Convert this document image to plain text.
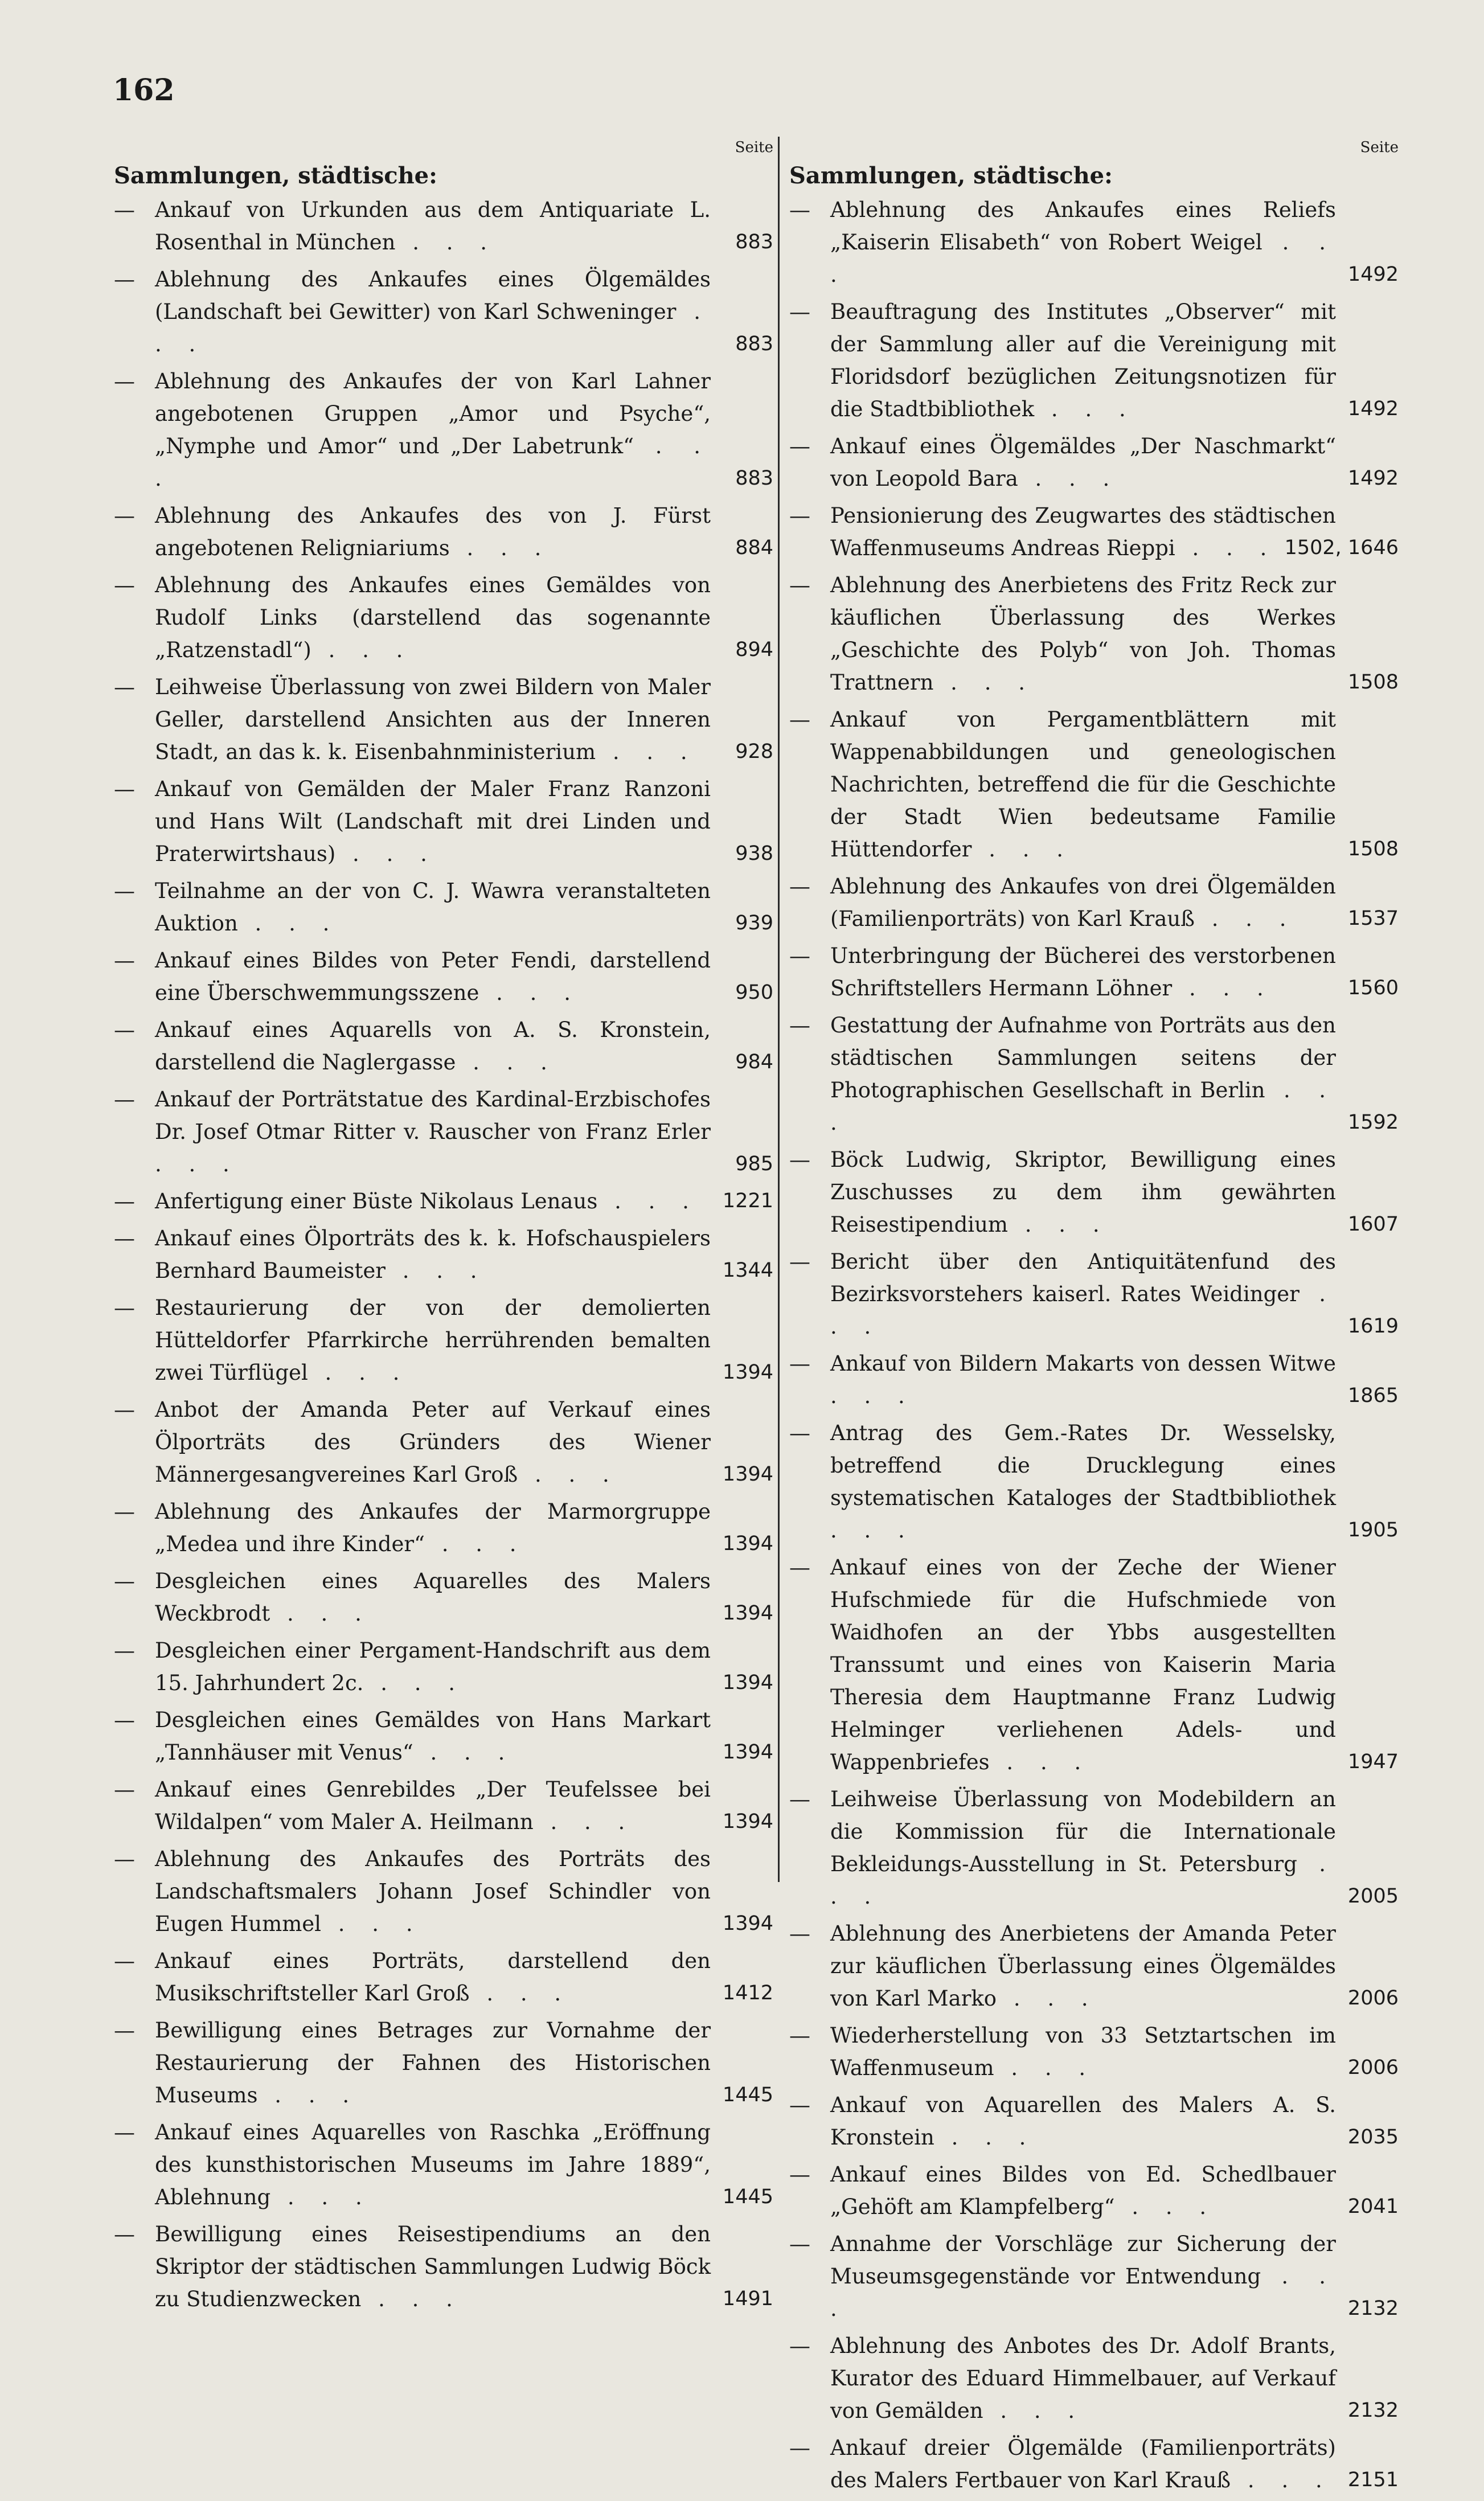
162
Seite
Sammlungen, städtische:
— Ankauf von Urkunden aus dem Antiquariate L. Rosenthal in München . . .	883
— Ablehnung des Ankaufes eines Ölgemäldes (Landschaft bei Gewitter) von Karl Schweninger . . .	883
— Ablehnung des Ankaufes der von Karl Lahner angebotenen Gruppen „Amor und Psyche“, „Nymphe und Amor“ und „Der Labetrunk“ . . .	883
— Ablehnung des Ankaufes des von J. Fürst angebotenen Religniariums . . .	884
— Ablehnung des Ankaufes eines Gemäldes von Rudolf Links (darstellend das sogenannte „Ratzenstadl“) . . .	894
— Leihweise Überlassung von zwei Bildern von Maler Geller, darstellend Ansichten aus der Inneren Stadt, an das k. k. Eisenbahnministerium . . . 928
— Ankauf von Gemälden der Maler Franz Ranzoni und Hans Wilt (Landschaft mit drei Linden und Praterwirtshaus) . . .	938
— Teilnahme an der von C. J. Wawra veranstalteten Auktion . . .	939
— Ankauf eines Bildes von Peter Fendi, darstellend eine Überschwemmungsszene . . .	950
— Ankauf eines Aquarells von A. S. Kronstein, darstellend die Naglergasse . . .	984
— Ankauf der Porträtstatue des Kardinal-Erzbischofes Dr. Josef Otmar Ritter v. Rauscher von Franz Erler . . .	985
— Anfertigung einer Büste Nikolaus Lenaus . . . 1221
— Ankauf eines Ölporträts des k. k. Hofschauspielers Bernhard Baumeister . . .	1344
— Restaurierung der von der demolierten Hütteldorfer Pfarrkirche herrührenden bemalten zwei Türflügel . . .	1394
— Anbot der Amanda Peter auf Verkauf eines Ölporträts des Gründers des Wiener Männergesangvereines Karl Groß . . .	1394
— Ablehnung des Ankaufes der Marmorgruppe „Medea und ihre Kinder“ . . .	1394
— Desgleichen eines Aquarelles des Malers Weckbrodt . . .	1394
— Desgleichen einer Pergament-Handschrift aus dem 15. Jahrhundert 2c. . . .	1394
— Desgleichen eines Gemäldes von Hans Markart „Tannhäuser mit Venus“ . . .	1394
— Ankauf eines Genrebildes „Der Teufelssee bei Wildalpen“ vom Maler A. Heilmann . . .	1394
— Ablehnung des Ankaufes des Porträts des Landschaftsmalers Johann Josef Schindler von Eugen Hummel . . .	1394
— Ankauf eines Porträts, darstellend den Musikschriftsteller Karl Groß . . .	1412
— Bewilligung eines Betrages zur Vornahme der Restaurierung der Fahnen des Historischen Museums . . .	1445
— Ankauf eines Aquarelles von Raschka „Eröffnung des kunsthistorischen Museums im Jahre 1889“, Ablehnung . . .	1445
— Bewilligung eines Reisestipendiums an den Skriptor der städtischen Sammlungen Ludwig Böck zu Studienzwecken . . .	1491
Seite
Sammlungen, städtische:
— Ablehnung des Ankaufes eines Reliefs „Kaiserin Elisabeth“ von Robert Weigel . . .	1492
— Beauftragung des Institutes „Observer“ mit der Sammlung aller auf die Vereinigung mit Floridsdorf bezüglichen Zeitungsnotizen für die Stadtbibliothek . . .	1492
— Ankauf eines Ölgemäldes „Der Naschmarkt“ von Leopold Bara . . .	1492
— Pensionierung des Zeugwartes des städtischen Waffenmuseums Andreas Rieppi . . . 1502, 1646
— Ablehnung des Anerbietens des Fritz Reck zur käuflichen Überlassung des Werkes „Geschichte des Polyb“ von Joh. Thomas Trattnern . . .	1508
— Ankauf von Pergamentblättern mit Wappenabbildungen und geneologischen Nachrichten, betreffend die für die Geschichte der Stadt Wien bedeutsame Familie Hüttendorfer . . .	1508
— Ablehnung des Ankaufes von drei Ölgemälden (Familienporträts) von Karl Krauß . . .	1537
— Unterbringung der Bücherei des verstorbenen Schriftstellers Hermann Löhner . . .	1560
— Gestattung der Aufnahme von Porträts aus den städtischen Sammlungen seitens der Photographischen Gesellschaft in Berlin . . .	1592
— Böck Ludwig, Skriptor, Bewilligung eines Zuschusses zu dem ihm gewährten Reisestipendium . . .	1607
— Bericht über den Antiquitätenfund des Bezirksvorstehers kaiserl. Rates Weidinger . . .	1619
— Ankauf von Bildern Makarts von dessen Witwe . . .	1865
— Antrag des Gem.-Rates Dr. Wesselsky, betreffend die Drucklegung eines systematischen Kataloges der Stadtbibliothek . . .	1905
— Ankauf eines von der Zeche der Wiener Hufschmiede für die Hufschmiede von Waidhofen an der Ybbs ausgestellten Transsumt und eines von Kaiserin Maria Theresia dem Hauptmanne Franz Ludwig Helminger verliehenen Adels- und Wappenbriefes . . .	1947
— Leihweise Überlassung von Modebildern an die Kommission für die Internationale Bekleidungs-Ausstellung in St. Petersburg . . .	2005
— Ablehnung des Anerbietens der Amanda Peter zur käuflichen Überlassung eines Ölgemäldes von Karl Marko . . .	2006
— Wiederherstellung von 33 Setztartschen im Waffenmuseum . . .	2006
— Ankauf von Aquarellen des Malers A. S. Kronstein . . .	2035
— Ankauf eines Bildes von Ed. Schedlbauer „Gehöft am Klampfelberg“ . . .	2041
— Annahme der Vorschläge zur Sicherung der Museumsgegenstände vor Entwendung . . .	2132
— Ablehnung des Anbotes des Dr. Adolf Brants, Kurator des Eduard Himmelbauer, auf Verkauf von Gemälden . . .	2132
— Ankauf dreier Ölgemälde (Familienporträts) des Malers Fertbauer von Karl Krauß . . . 2151
